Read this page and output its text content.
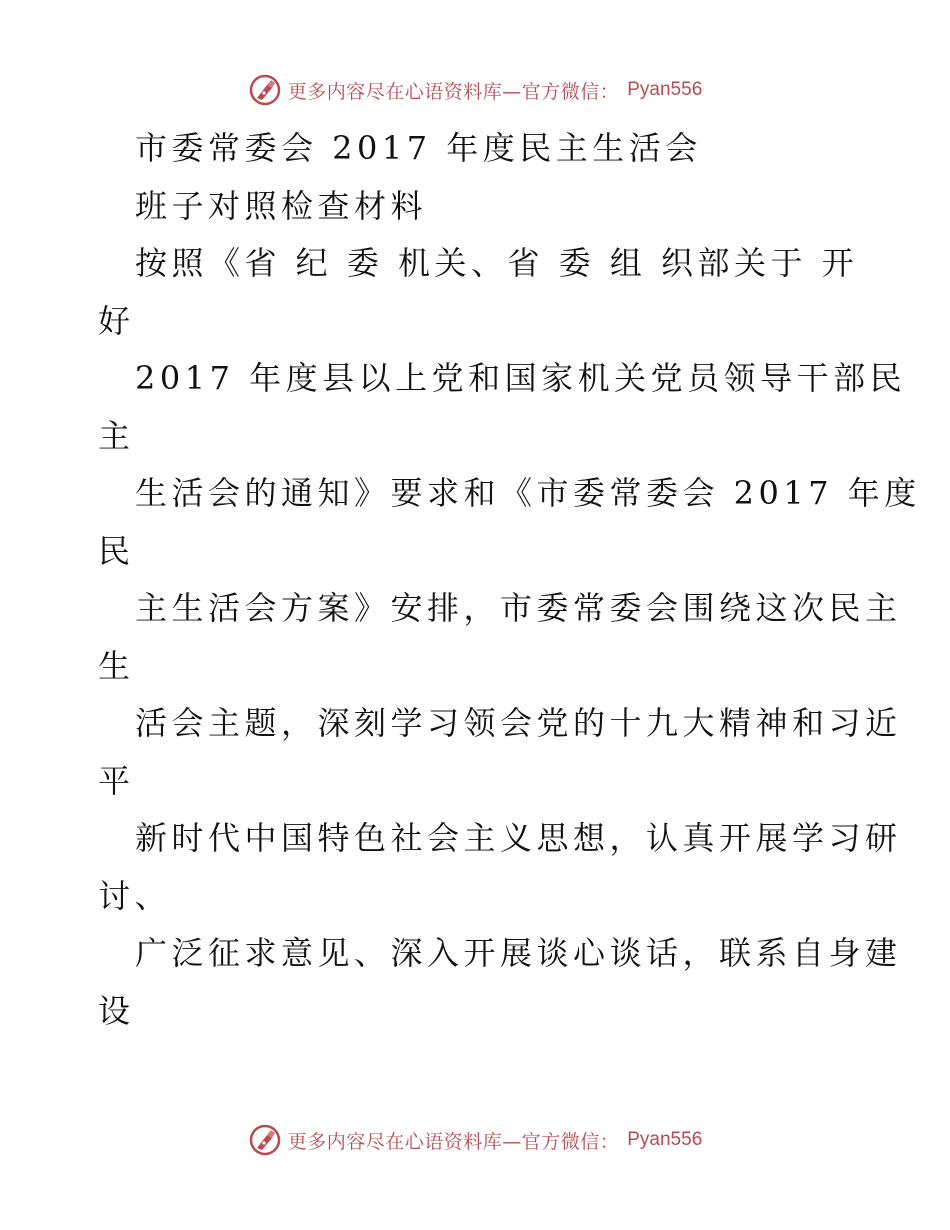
更多内容尽在心语资料库—官方微信： Pyan556
市委常委会 2017 年度民主生活会
班子对照检查材料
按照《省 纪 委 机关、省 委 组 织部关于 开
好
2017 年度县以上党和国家机关党员领导干部民
主
生活会的通知》要求和《市委常委会 2017 年度
民
主生活会方案》安排，市委常委会围绕这次民主
生
活会主题，深刻学习领会党的十九大精神和习近
平
新时代中国特色社会主义思想，认真开展学习研
讨、
广泛征求意见、深入开展谈心谈话，联系自身建
设
更多内容尽在心语资料库—官方微信： Pyan556
